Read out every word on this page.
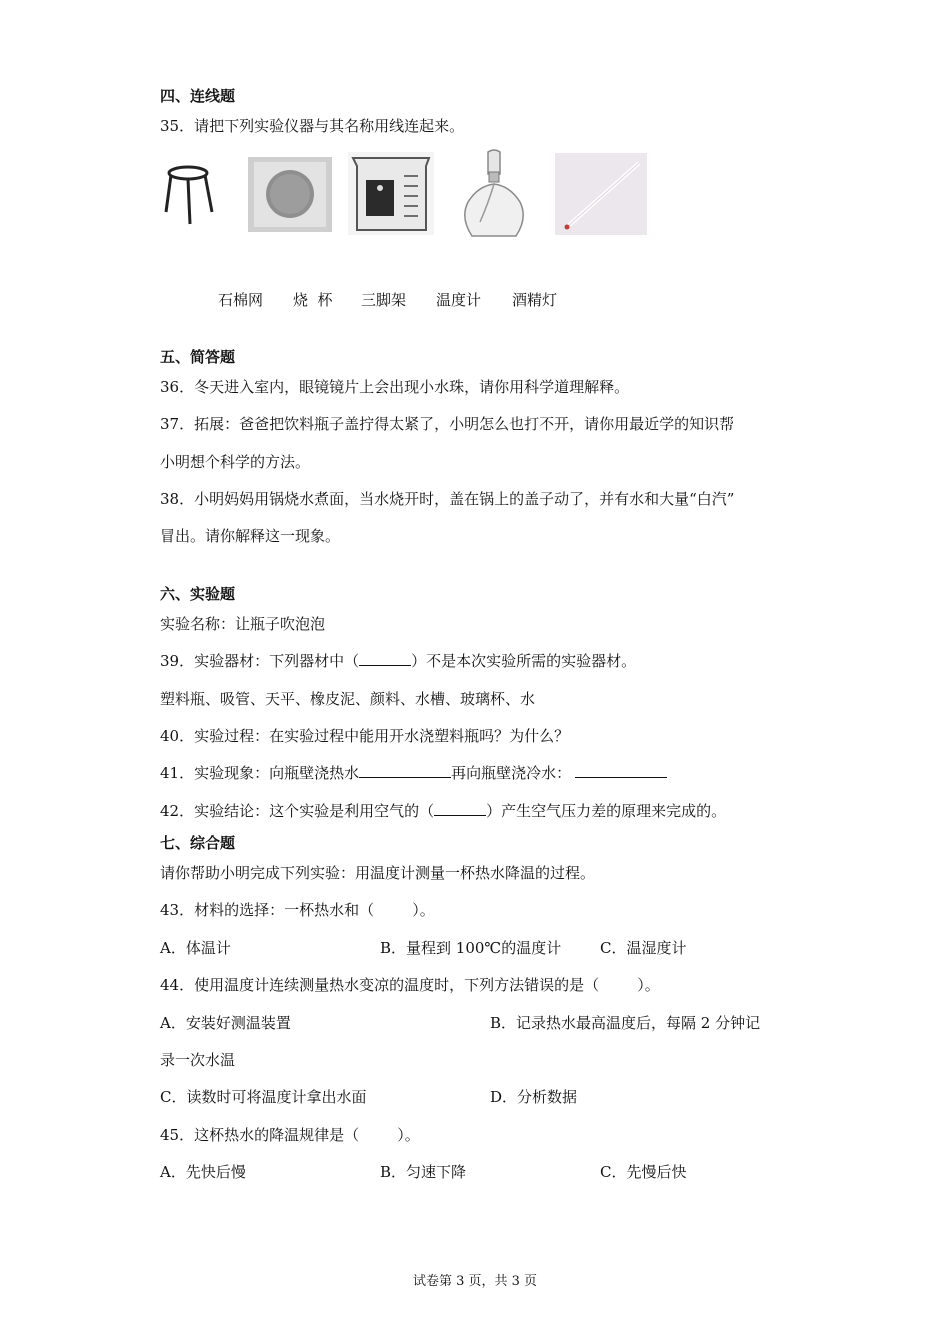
四、连线题
35．请把下列实验仪器与其名称用线连起来。
石棉网 烧  杯 三脚架 温度计 酒精灯
五、简答题
36．冬天进入室内，眼镜镜片上会出现小水珠，请你用科学道理解释。
37．拓展：爸爸把饮料瓶子盖拧得太紧了，小明怎么也打不开，请你用最近学的知识帮
小明想个科学的方法。
38．小明妈妈用锅烧水煮面，当水烧开时，盖在锅上的盖子动了，并有水和大量“白汽”
冒出。请你解释这一现象。
六、实验题
实验名称：让瓶子吹泡泡
39．实验器材：下列器材中（	）不是本次实验所需的实验器材。
塑料瓶、吸管、天平、橡皮泥、颜料、水槽、玻璃杯、水
40．实验过程：在实验过程中能用开水浇塑料瓶吗？为什么？
41．实验现象：向瓶壁浇热水	再向瓶壁浇冷水：
42．实验结论：这个实验是利用空气的（	）产生空气压力差的原理来完成的。
七、综合题
请你帮助小明完成下列实验：用温度计测量一杯热水降温的过程。
43．材料的选择：一杯热水和（        ）。
A．体温计	B．量程到 100℃的温度计	C．温湿度计
44．使用温度计连续测量热水变凉的温度时，下列方法错误的是（        ）。
A．安装好测温装置	B．记录热水最高温度后，每隔 2 分钟记
录一次水温
C．读数时可将温度计拿出水面	D．分析数据
45．这杯热水的降温规律是（        ）。
A．先快后慢	B．匀速下降	C．先慢后快
试卷第 3 页，共 3 页
